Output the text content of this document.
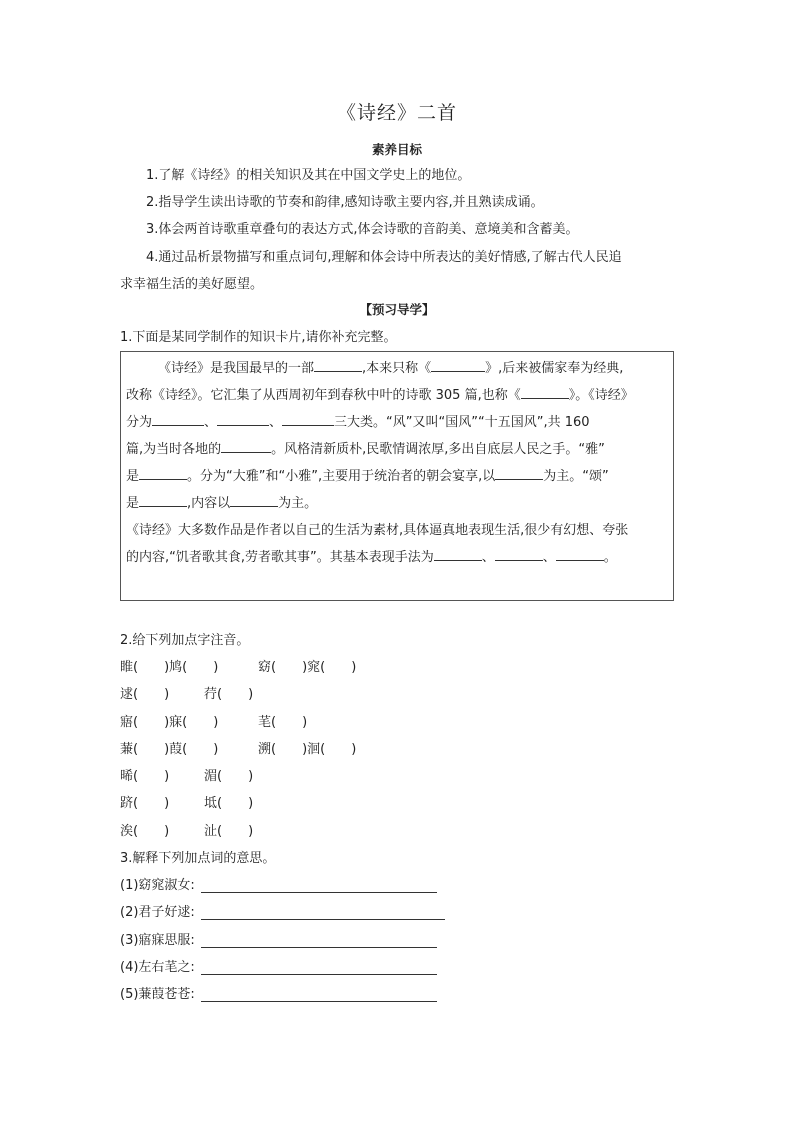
《诗经》二首
素养目标
1.了解《诗经》的相关知识及其在中国文学史上的地位。
2.指导学生读出诗歌的节奏和韵律,感知诗歌主要内容,并且熟读成诵。
3.体会两首诗歌重章叠句的表达方式,体会诗歌的音韵美、意境美和含蓄美。
4.通过品析景物描写和重点词句,理解和体会诗中所表达的美好情感,了解古代人民追
求幸福生活的美好愿望。
【预习导学】
1.下面是某同学制作的知识卡片,请你补充完整。
《诗经》是我国最早的一部	,本来只称《	》,后来被儒家奉为经典,
改称《诗经》。它汇集了从西周初年到春秋中叶的诗歌 305 篇,也称《	》。《诗经》
分为	、	、	三大类。“风”又叫“国风”“十五国风”,共 160
篇,为当时各地的	。风格清新质朴,民歌情调浓厚,多出自底层人民之手。“雅”
是	。分为“大雅”和“小雅”,主要用于统治者的朝会宴享,以	为主。“颂”
是	,内容以	为主。
《诗经》大多数作品是作者以自己的生活为素材,具体逼真地表现生活,很少有幻想、夸张
的内容,“饥者歌其食,劳者歌其事”。其基本表现手法为	、	、	。
2.给下列加点字注音。
睢(　　)鸠(　　)	窈(　　)窕(　　)
逑(　　)	荇(　　)
寤(　　)寐(　　)	芼(　　)
蒹(　　)葭(　　)	溯(　　)洄(　　)
晞(　　)	湄(　　)
跻(　　)	坻(　　)
涘(　　)	沚(　　)
3.解释下列加点词的意思。
(1)窈窕淑女:
(2)君子好逑:
(3)寤寐思服:
(4)左右芼之:
(5)蒹葭苍苍:
